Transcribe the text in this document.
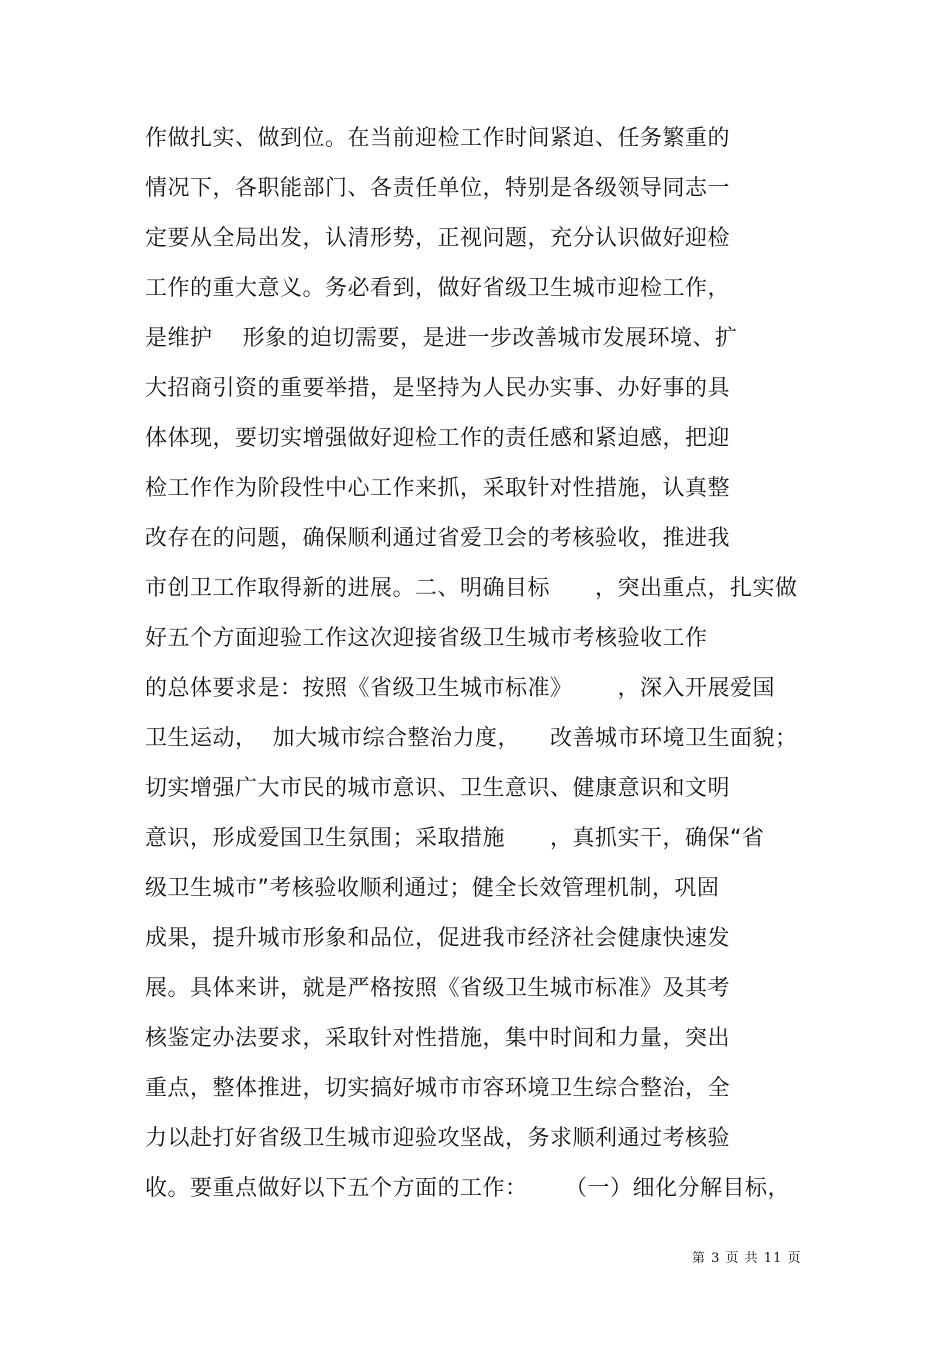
作做扎实、做到位。在当前迎检工作时间紧迫、任务繁重的
情况下，各职能部门、各责任单位，特别是各级领导同志一
定要从全局出发，认清形势，正视问题，充分认识做好迎检
工作的重大意义。务必看到，做好省级卫生城市迎检工作，
是维护    形象的迫切需要，是进一步改善城市发展环境、扩
大招商引资的重要举措，是坚持为人民办实事、办好事的具
体体现，要切实增强做好迎检工作的责任感和紧迫感，把迎
检工作作为阶段性中心工作来抓，采取针对性措施，认真整
改存在的问题，确保顺利通过省爱卫会的考核验收，推进我
市创卫工作取得新的进展。二、明确目标      ，突出重点，扎实做
好五个方面迎验工作这次迎接省级卫生城市考核验收工作
的总体要求是：按照《省级卫生城市标准》      ，深入开展爱国
卫生运动，  加大城市综合整治力度，    改善城市环境卫生面貌；
切实增强广大市民的城市意识、卫生意识、健康意识和文明
意识，形成爱国卫生氛围；采取措施      ，真抓实干，确保“省
级卫生城市”考核验收顺利通过；健全长效管理机制，巩固
成果，提升城市形象和品位，促进我市经济社会健康快速发
展。具体来讲，就是严格按照《省级卫生城市标准》及其考
核鉴定办法要求，采取针对性措施，集中时间和力量，突出
重点，整体推进，切实搞好城市市容环境卫生综合整治，全
力以赴打好省级卫生城市迎验攻坚战，务求顺利通过考核验
收。要重点做好以下五个方面的工作：     （一）细化分解目标，
第 3 页 共 11 页
